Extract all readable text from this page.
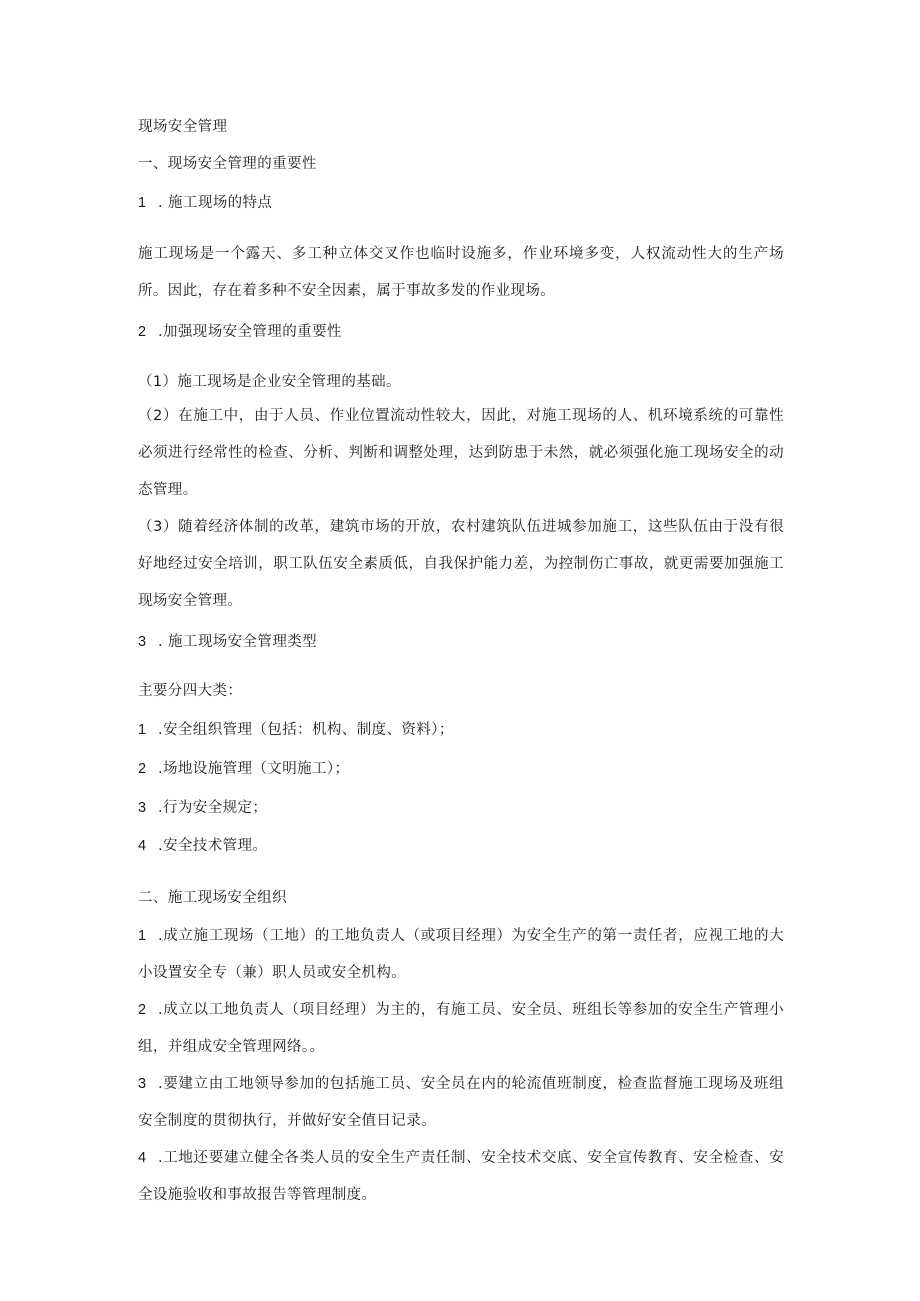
现场安全管理
一、现场安全管理的重要性
1 . 施工现场的特点
施工现场是一个露天、多工种立体交叉作也临时设施多，作业环境多变，人权流动性大的生产场所。因此，存在着多种不安全因素，属于事故多发的作业现场。
2 .加强现场安全管理的重要性
（1）施工现场是企业安全管理的基础。
（2）在施工中，由于人员、作业位置流动性较大，因此，对施工现场的人、机环境系统的可靠性必须进行经常性的检查、分析、判断和调整处理，达到防患于未然，就必须强化施工现场安全的动态管理。
（3）随着经济体制的改革，建筑市场的开放，农村建筑队伍进城参加施工，这些队伍由于没有很好地经过安全培训，职工队伍安全素质低，自我保护能力差，为控制伤亡事故，就更需要加强施工现场安全管理。
3 . 施工现场安全管理类型
主要分四大类：
1 .安全组织管理（包括：机构、制度、资料）；
2 .场地设施管理（文明施工）；
3 .行为安全规定；
4 .安全技术管理。
二、施工现场安全组织
1 .成立施工现场（工地）的工地负责人（或项目经理）为安全生产的第一责任者，应视工地的大小设置安全专（兼）职人员或安全机构。
2 .成立以工地负责人（项目经理）为主的，有施工员、安全员、班组长等参加的安全生产管理小组，并组成安全管理网络。。
3 .要建立由工地领导参加的包括施工员、安全员在内的轮流值班制度，检查监督施工现场及班组安全制度的贯彻执行，并做好安全值日记录。
4 .工地还要建立健全各类人员的安全生产责任制、安全技术交底、安全宣传教育、安全检查、安全设施验收和事故报告等管理制度。
